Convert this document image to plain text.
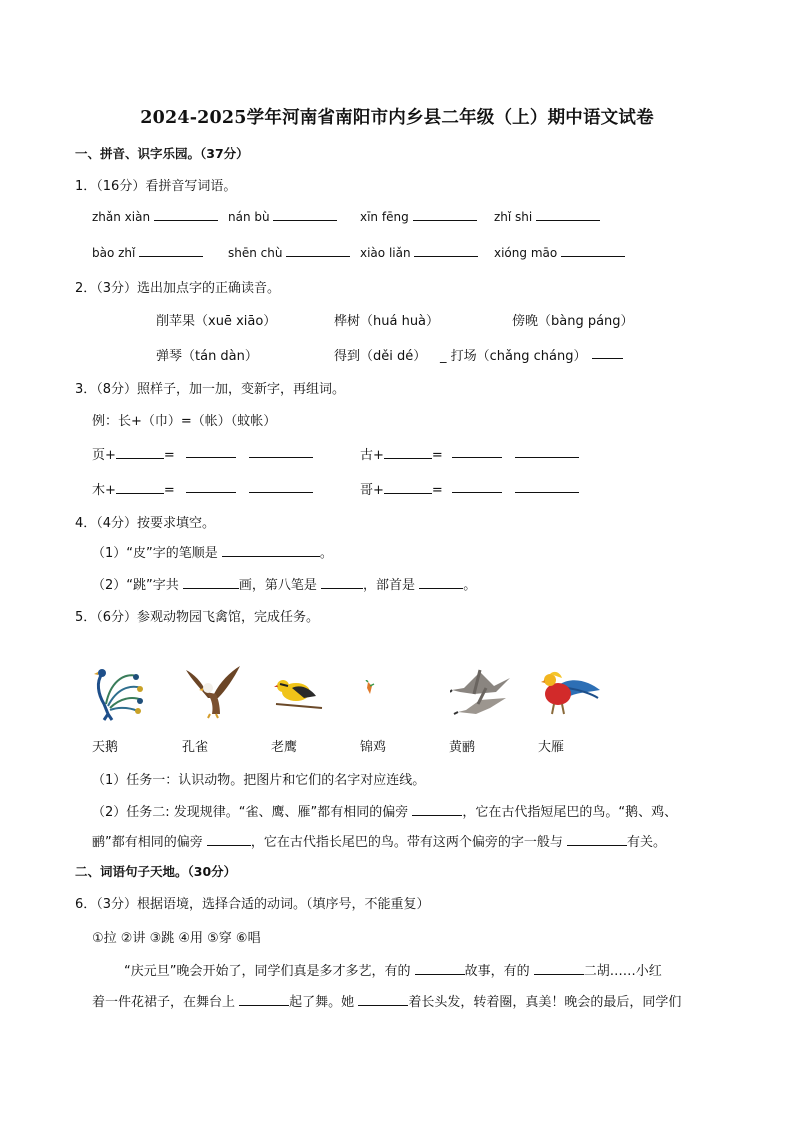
2024-2025学年河南省南阳市内乡县二年级（上）期中语文试卷
一、拼音、识字乐园。（37分）
1．（16分）看拼音写词语。
zhǎn xiàn	nán bù	xīn fēng	zhǐ shi
bào zhǐ	shēn chù	xiào liǎn	xióng māo
2．（3分）选出加点字的正确读音。
削苹果（xuē xiāo）	桦树（huá huà）	傍晚（bàng páng）
弹琴（tán dàn）	得到（děi dé） _ 打场（chǎng cháng）
3．（8分）照样子，加一加，变新字，再组词。
例：长+（巾）=（帐）（蚊帐）
页+	=	古+	=
木+	=	哥+	=
4．（4分）按要求填空。
（1）“皮”字的笔顺是	。
（2）“跳”字共	画，第八笔是	，部首是	。
5．（6分）参观动物园飞禽馆，完成任务。
天鹅	孔雀	老鹰	锦鸡	黄鹂	大雁
（1）任务一：认识动物。把图片和它们的名字对应连线。
（2）任务二: 发现规律。“雀、鹰、雁”都有相同的偏旁	，它在古代指短尾巴的鸟。“鹅、鸡、
鹂”都有相同的偏旁	，它在古代指长尾巴的鸟。带有这两个偏旁的字一般与	有关。
二、词语句子天地。（30分）
6．（3分）根据语境，选择合适的动词。（填序号，不能重复）
①拉 ②讲 ③跳 ④用 ⑤穿 ⑥唱
“庆元旦”晚会开始了，同学们真是多才多艺，有的	故事，有的	二胡……小红
着一件花裙子，在舞台上	起了舞。她	着长头发，转着圈，真美！晚会的最后，同学们
